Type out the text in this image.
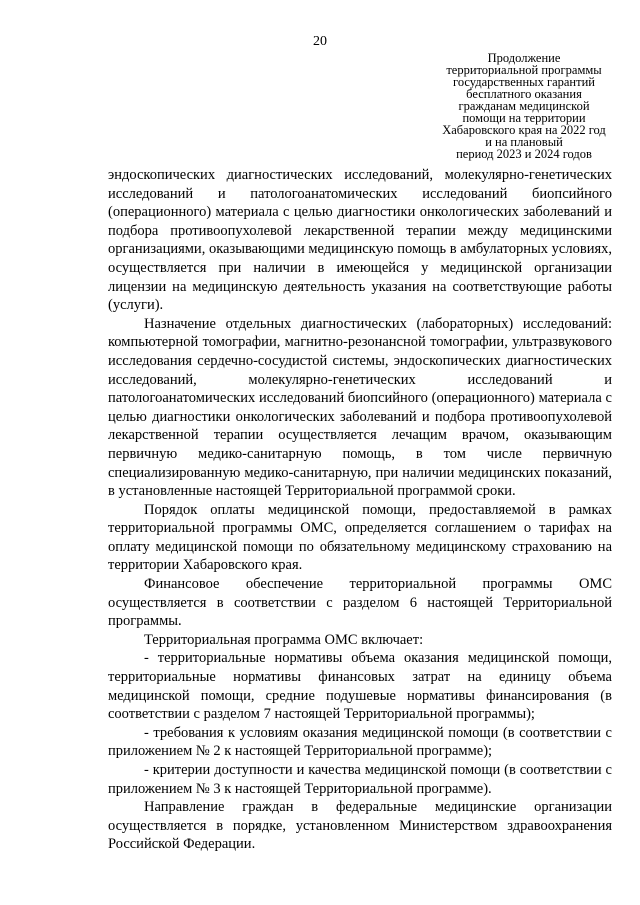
20
Продолжение
территориальной программы
государственных гарантий
бесплатного оказания
гражданам медицинской
помощи на территории
Хабаровского края на 2022 год
и на плановый
период 2023 и 2024 годов

эндоскопических диагностических исследований, молекулярно-генетических исследований и патологоанатомических исследований биопсийного (операционного) материала с целью диагностики онкологических заболеваний и подбора противоопухолевой лекарственной терапии между медицинскими организациями, оказывающими медицинскую помощь в амбулаторных условиях, осуществляется при наличии в имеющейся у медицинской организации лицензии на медицинскую деятельность указания на соответствующие работы (услуги).

Назначение отдельных диагностических (лабораторных) исследований: компьютерной томографии, магнитно-резонансной томографии, ультразвукового исследования сердечно-сосудистой системы, эндоскопических диагностических исследований, молекулярно-генетических исследований и патологоанатомических исследований биопсийного (операционного) материала с целью диагностики онкологических заболеваний и подбора противоопухолевой лекарственной терапии осуществляется лечащим врачом, оказывающим первичную медико-санитарную помощь, в том числе первичную специализированную медико-санитарную, при наличии медицинских показаний, в установленные настоящей Территориальной программой сроки.

Порядок оплаты медицинской помощи, предоставляемой в рамках территориальной программы ОМС, определяется соглашением о тарифах на оплату медицинской помощи по обязательному медицинскому страхованию на территории Хабаровского края.

Финансовое обеспечение территориальной программы ОМС осуществляется в соответствии с разделом 6 настоящей Территориальной программы.

Территориальная программа ОМС включает:

- территориальные нормативы объема оказания медицинской помощи, территориальные нормативы финансовых затрат на единицу объема медицинской помощи, средние подушевые нормативы финансирования (в соответствии с разделом 7 настоящей Территориальной программы);

- требования к условиям оказания медицинской помощи (в соответствии с приложением № 2 к настоящей Территориальной программе);

- критерии доступности и качества медицинской помощи (в соответствии с приложением № 3 к настоящей Территориальной программе).

Направление граждан в федеральные медицинские организации осуществляется в порядке, установленном Министерством здравоохранения Российской Федерации.
